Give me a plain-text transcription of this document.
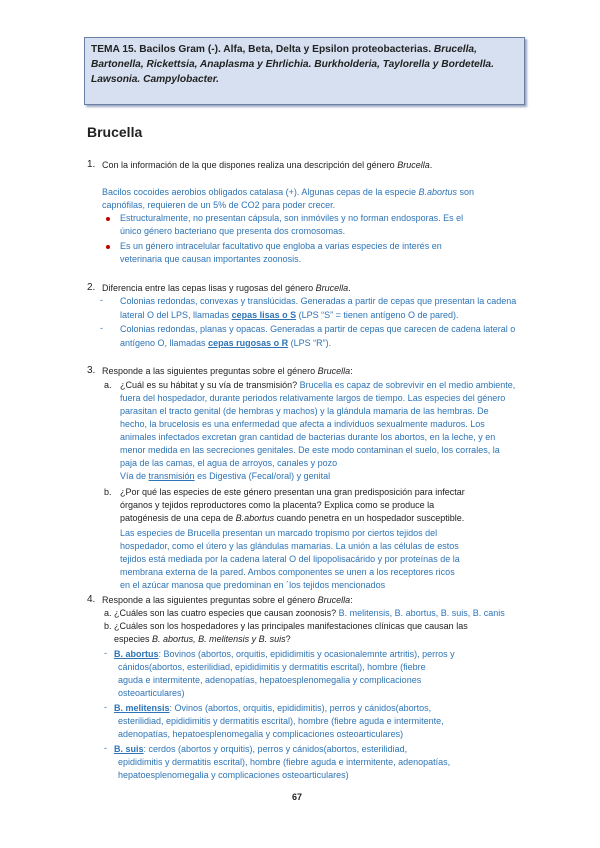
TEMA 15. Bacilos Gram (-). Alfa, Beta, Delta y Epsilon proteobacterias. Brucella, Bartonella, Rickettsia, Anaplasma y Ehrlichia. Burkholderia, Taylorella y Bordetella. Lawsonia. Campylobacter.
Brucella
1. Con la información de la que dispones realiza una descripción del género Brucella.
Bacilos cocoides aerobios obligados catalasa (+). Algunas cepas de la especie B.abortus son
capnófilas, requieren de un 5% de CO2 para poder crecer.
Estructuralmente, no presentan cápsula, son inmóviles y no forman endosporas. Es el
único género bacteriano que presenta dos cromosomas.
Es un género intracelular facultativo que engloba a varias especies de interés en
veterinaria que causan importantes zoonosis.
2. Diferencia entre las cepas lisas y rugosas del género Brucella.
- Colonias redondas, convexas y translúcidas. Generadas a partir de cepas que presentan la cadena
lateral O del LPS, llamadas cepas lisas o S (LPS “S” = tienen antígeno O de pared).
- Colonias redondas, planas y opacas. Generadas a partir de cepas que carecen de cadena lateral o
antígeno O, llamadas cepas rugosas o R (LPS “R”).
3. Responde a las siguientes preguntas sobre el género Brucella:
a. ¿Cuál es su hábitat y su vía de transmisión? Brucella es capaz de sobrevivir en el medio ambiente,
fuera del hospedador, durante periodos relativamente largos de tiempo. Las especies del género
parasitan el tracto genital (de hembras y machos) y la glándula mamaria de las hembras. De
hecho, la brucelosis es una enfermedad que afecta a individuos sexualmente maduros. Los
animales infectados excretan gran cantidad de bacterias durante los abortos, en la leche, y en
menor medida en las secreciones genitales. De este modo contaminan el suelo, los corrales, la
paja de las camas, el agua de arroyos, canales y pozo
Vía de transmisión es Digestiva (Fecal/oral) y genital
b. ¿Por qué las especies de este género presentan una gran predisposición para infectar
órganos y tejidos reproductores como la placenta? Explica como se produce la
patogénesis de una cepa de B.abortus cuando penetra en un hospedador susceptible.
Las especies de Brucella presentan un marcado tropismo por ciertos tejidos del
hospedador, como el útero y las glándulas mamarias. La unión a las células de estos
tejidos está mediada por la cadena lateral O del lipopolisacárido y por proteínas de la
membrana externa de la pared. Ambos componentes se unen a los receptores ricos
en el azúcar manosa que predominan en ´los tejidos mencionados
4. Responde a las siguientes preguntas sobre el género Brucella:
a. ¿Cuáles son las cuatro especies que causan zoonosis? B. melitensis, B. abortus, B. suis, B. canis
b. ¿Cuáles son los hospedadores y las principales manifestaciones clínicas que causan las
especies B. abortus, B. melitensis y B. suis?
- B. abortus: Bovinos (abortos, orquitis, epididimitis y ocasionalemnte artritis), perros y
cánidos(abortos, esterilidiad, epididimitis y dermatitis escrital), hombre (fiebre
aguda e intermitente, adenopatías, hepatoesplenomegalia y complicaciones
osteoarticulares)
- B. melitensis: Ovinos (abortos, orquitis, epididimitis), perros y cánidos(abortos,
esterilidiad, epididimitis y dermatitis escrital), hombre (fiebre aguda e intermitente,
adenopatías, hepatoesplenomegalia y complicaciones osteoarticulares)
- B. suis: cerdos (abortos y orquitis), perros y cánidos(abortos, esterilidiad,
epididimitis y dermatitis escrital), hombre (fiebre aguda e intermitente, adenopatías,
hepatoesplenomegalia y complicaciones osteoarticulares)
67
